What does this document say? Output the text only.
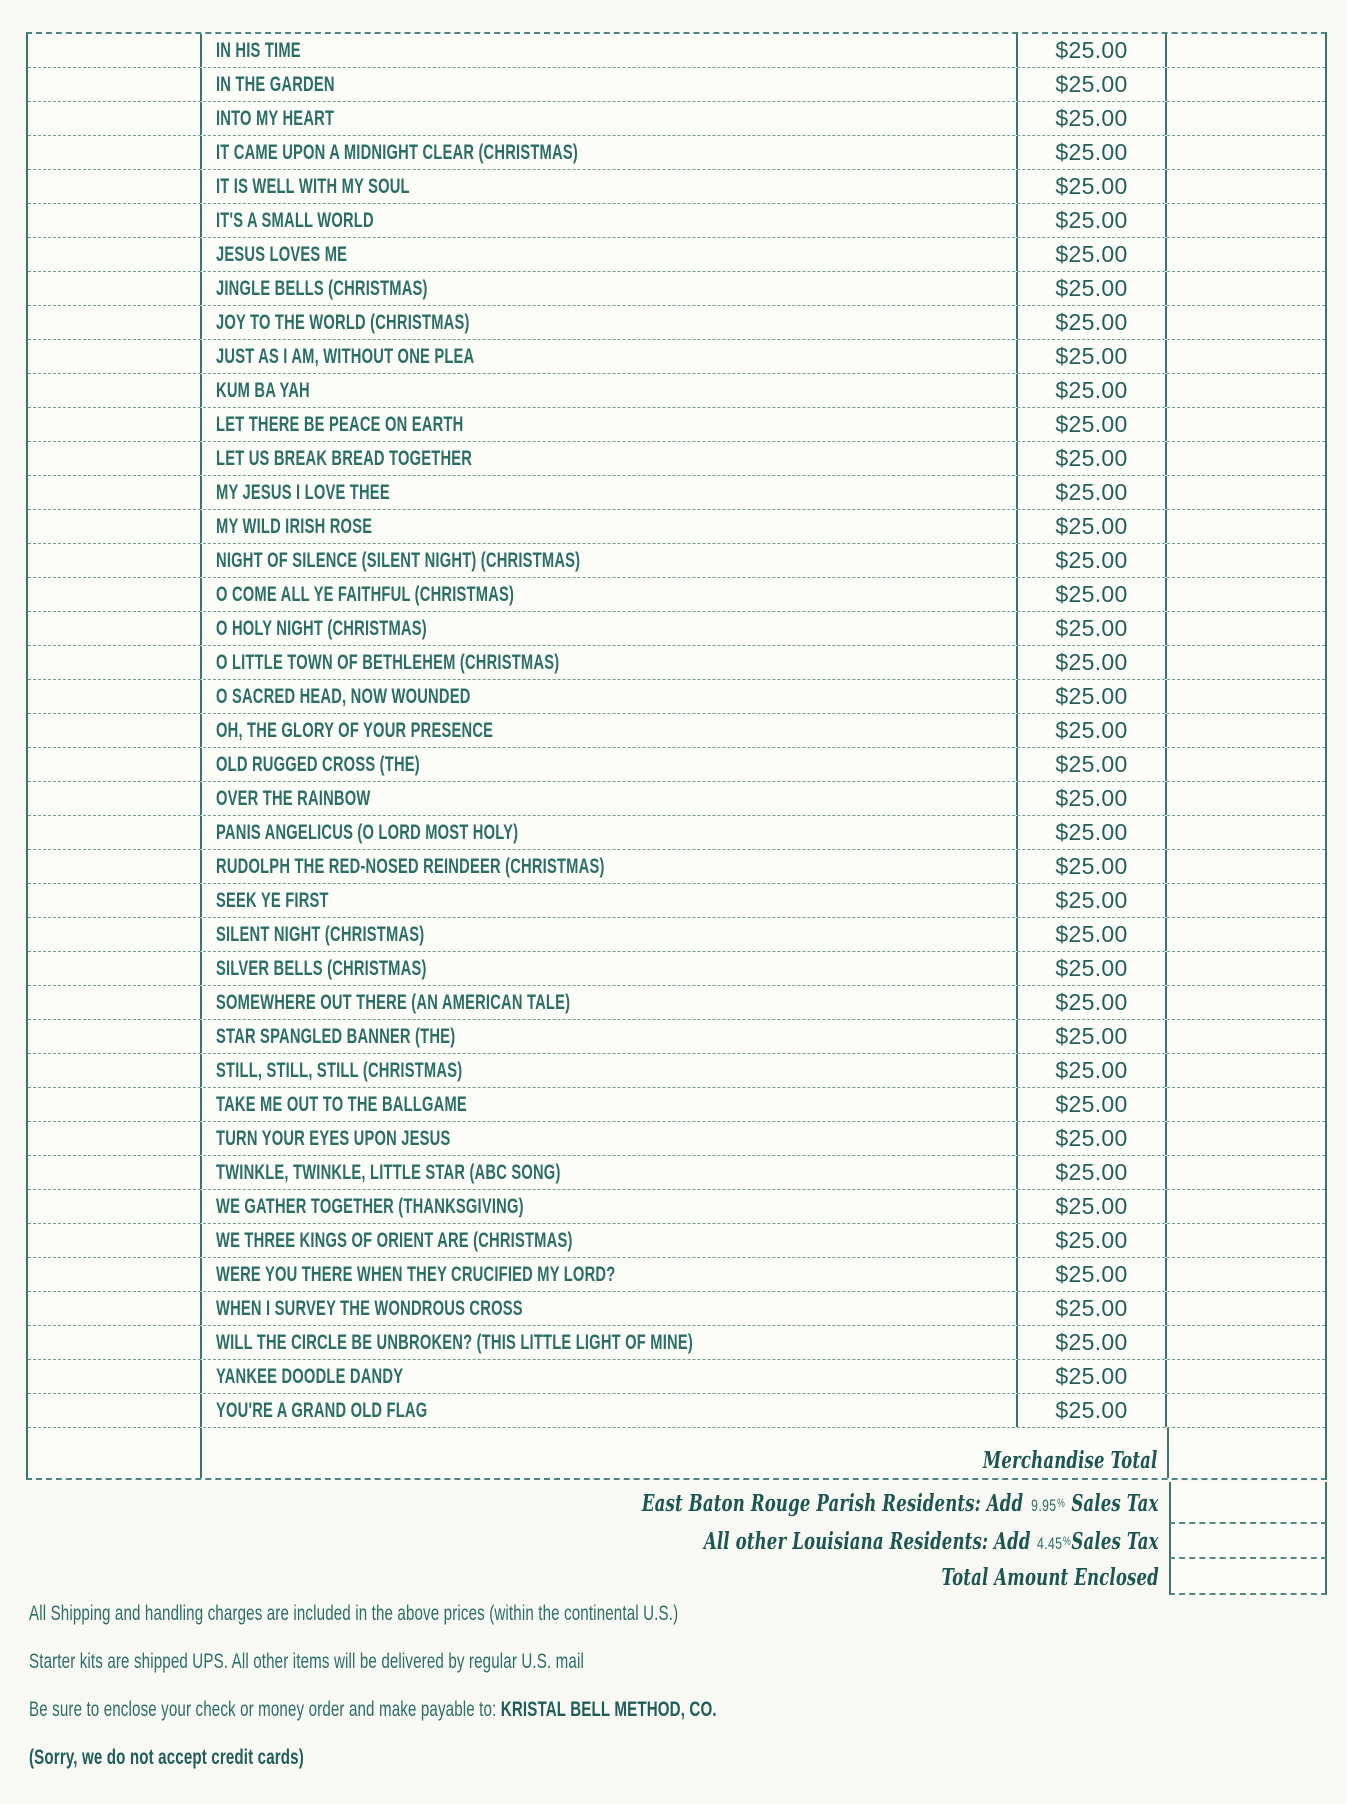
IN HIS TIME	$25.00
IN THE GARDEN	$25.00
INTO MY HEART	$25.00
IT CAME UPON A MIDNIGHT CLEAR (CHRISTMAS)	$25.00
IT IS WELL WITH MY SOUL	$25.00
IT'S A SMALL WORLD	$25.00
JESUS LOVES ME	$25.00
JINGLE BELLS (CHRISTMAS)	$25.00
JOY TO THE WORLD (CHRISTMAS)	$25.00
JUST AS I AM, WITHOUT ONE PLEA	$25.00
KUM BA YAH	$25.00
LET THERE BE PEACE ON EARTH	$25.00
LET US BREAK BREAD TOGETHER	$25.00
MY JESUS I LOVE THEE	$25.00
MY WILD IRISH ROSE	$25.00
NIGHT OF SILENCE (SILENT NIGHT) (CHRISTMAS)	$25.00
O COME ALL YE FAITHFUL (CHRISTMAS)	$25.00
O HOLY NIGHT (CHRISTMAS)	$25.00
O LITTLE TOWN OF BETHLEHEM (CHRISTMAS)	$25.00
O SACRED HEAD, NOW WOUNDED	$25.00
OH, THE GLORY OF YOUR PRESENCE	$25.00
OLD RUGGED CROSS (THE)	$25.00
OVER THE RAINBOW	$25.00
PANIS ANGELICUS (O LORD MOST HOLY)	$25.00
RUDOLPH THE RED-NOSED REINDEER (CHRISTMAS)	$25.00
SEEK YE FIRST	$25.00
SILENT NIGHT (CHRISTMAS)	$25.00
SILVER BELLS (CHRISTMAS)	$25.00
SOMEWHERE OUT THERE (AN AMERICAN TALE)	$25.00
STAR SPANGLED BANNER (THE)	$25.00
STILL, STILL, STILL (CHRISTMAS)	$25.00
TAKE ME OUT TO THE BALLGAME	$25.00
TURN YOUR EYES UPON JESUS	$25.00
TWINKLE, TWINKLE, LITTLE STAR (ABC SONG)	$25.00
WE GATHER TOGETHER (THANKSGIVING)	$25.00
WE THREE KINGS OF ORIENT ARE (CHRISTMAS)	$25.00
WERE YOU THERE WHEN THEY CRUCIFIED MY LORD?	$25.00
WHEN I SURVEY THE WONDROUS CROSS	$25.00
WILL THE CIRCLE BE UNBROKEN? (THIS LITTLE LIGHT OF MINE)	$25.00
YANKEE DOODLE DANDY	$25.00
YOU'RE A GRAND OLD FLAG	$25.00
Merchandise Total
East Baton Rouge Parish Residents: Add 9.95 % Sales Tax
All other Louisiana Residents: Add 4.45 % Sales Tax
Total Amount Enclosed
All Shipping and handling charges are included in the above prices (within the continental U.S.)
Starter kits are shipped UPS. All other items will be delivered by regular U.S. mail
Be sure to enclose your check or money order and make payable to: KRISTAL BELL METHOD, CO.
(Sorry, we do not accept credit cards)
